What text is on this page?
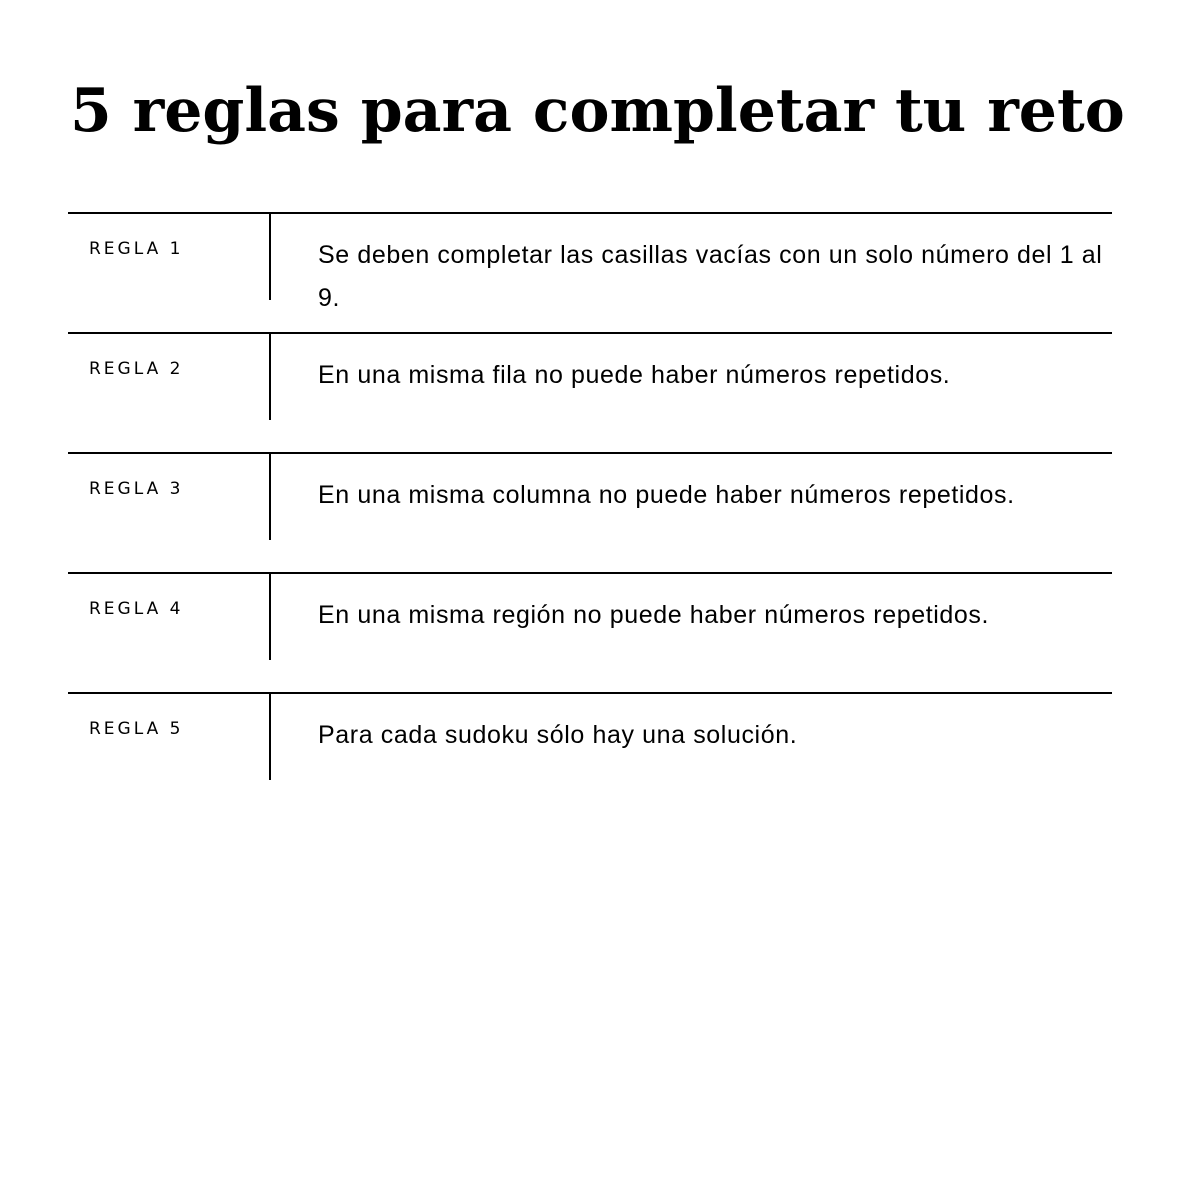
5 reglas para completar tu reto
REGLA 1	Se deben completar las casillas vacías con un solo número del 1 al 9.
REGLA 2	En una misma fila no puede haber números repetidos.
REGLA 3	En una misma columna no puede haber números repetidos.
REGLA 4	En una misma región no puede haber números repetidos.
REGLA 5	Para cada sudoku sólo hay una solución.
